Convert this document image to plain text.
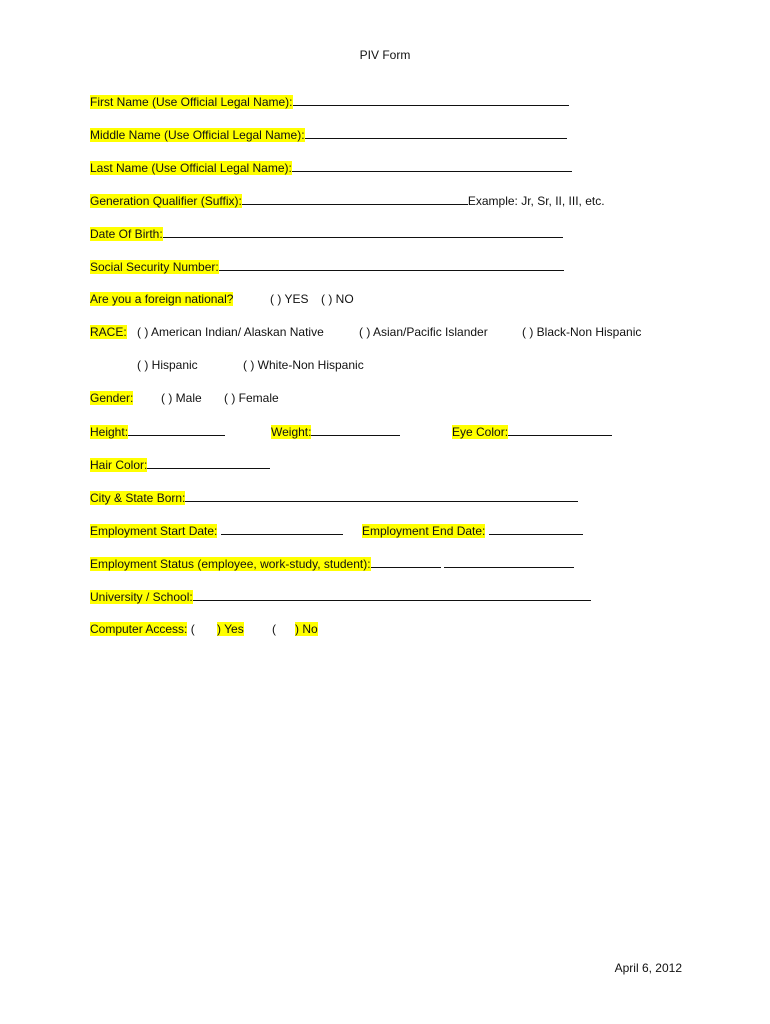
PIV Form
First Name (Use Official Legal Name):
Middle Name (Use Official Legal Name):
Last Name (Use Official Legal Name):
Generation Qualifier (Suffix):	Example: Jr, Sr, II, III, etc.
Date Of Birth:
Social Security Number:
Are you a foreign national?	( ) YES ( ) NO
RACE: ( ) American Indian/ Alaskan Native	( ) Asian/Pacific Islander	( ) Black-Non Hispanic
( ) Hispanic	( ) White-Non Hispanic
Gender: ( ) Male ( ) Female
Height:	Weight:	Eye Color:
Hair Color:
City & State Born:
Employment Start Date:	Employment End Date:
Employment Status (employee, work-study, student):
University / School:
Computer Access: ( ) Yes ( ) No
April 6, 2012
